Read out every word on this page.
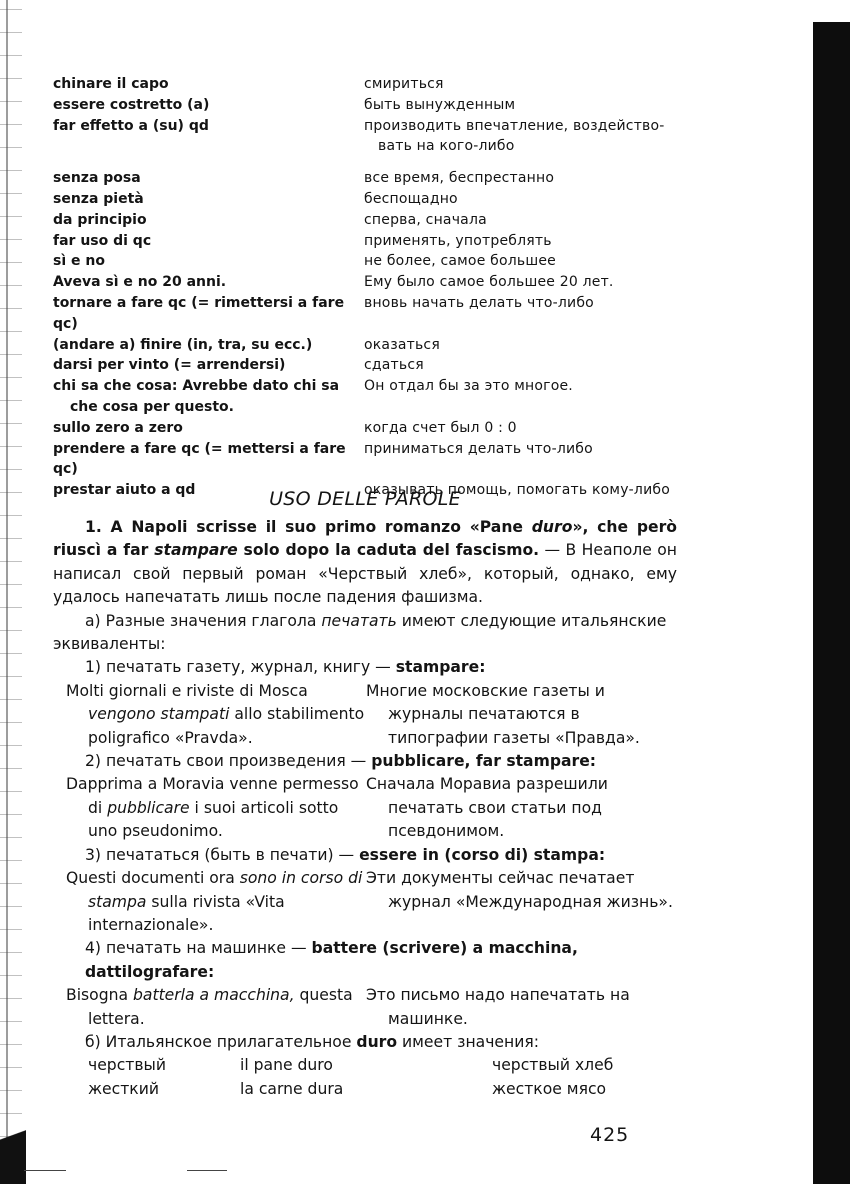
chinare il capo	смириться
essere costretto (a)	быть вынужденным
far effetto a (su) qd	производить впечатление, воздейство-
вать на кого-либо
senza posa	все время, беспрестанно
senza pietà	беспощадно
da principio	сперва, сначала
far uso di qc	применять, употреблять
sì e no	не более, самое большее
Aveva sì e no 20 anni.	Ему было самое большее 20 лет.
tornare a fare qc (= rimettersi a fare qc)
вновь начать делать что-либо
(andare a) finire (in, tra, su ecc.)	оказаться
darsi per vinto (= arrendersi)	сдаться
chi sa che cosa: Avrebbe dato chi sa
che cosa per questo.
Он отдал бы за это многое.
sullo zero a zero	когда счет был 0 : 0
prendere a fare qc (= mettersi a fare qc)
приниматься делать что-либо
prestar aiuto a qd	оказывать помощь, помогать кому-либо
USO DELLE PAROLE

1. A Napoli scrisse il suo primo romanzo «Pane duro», che però riuscì a far stampare solo dopo la caduta del fascismo. — В Неаполе он написал свой первый роман «Черствый хлеб», который, однако, ему удалось напечатать лишь после падения фашизма.

а) Разные значения глагола печатать имеют следующие итальянские эквиваленты:

1) печатать газету, журнал, книгу — stampare:
Molti giornali e riviste di Mosca vengono stampati allo stabilimento poligrafico «Pravda».
Многие московские газеты и журналы печатаются в типографии газеты «Правда».
2) печатать свои произведения — pubblicare, far stampare:
Dapprima a Moravia venne permesso di pubblicare i suoi articoli sotto uno pseudonimo.
Сначала Моравиа разрешили печатать свои статьи под псевдонимом.
3) печататься (быть в печати) — essere in (corso di) stampa:
Questi documenti ora sono in corso di stampa sulla rivista «Vita internazionale».
Эти документы сейчас печатает журнал «Международная жизнь».
4) печатать на машинке — battere (scrivere) a macchina, dattilografare:
Bisogna batterla a macchina, questa lettera.
Это письмо надо напечатать на машинке.
б) Итальянское прилагательное duro имеет значения:
черствый	il pane duro	черствый хлеб
жесткий	la carne dura	жесткое мясо
425
